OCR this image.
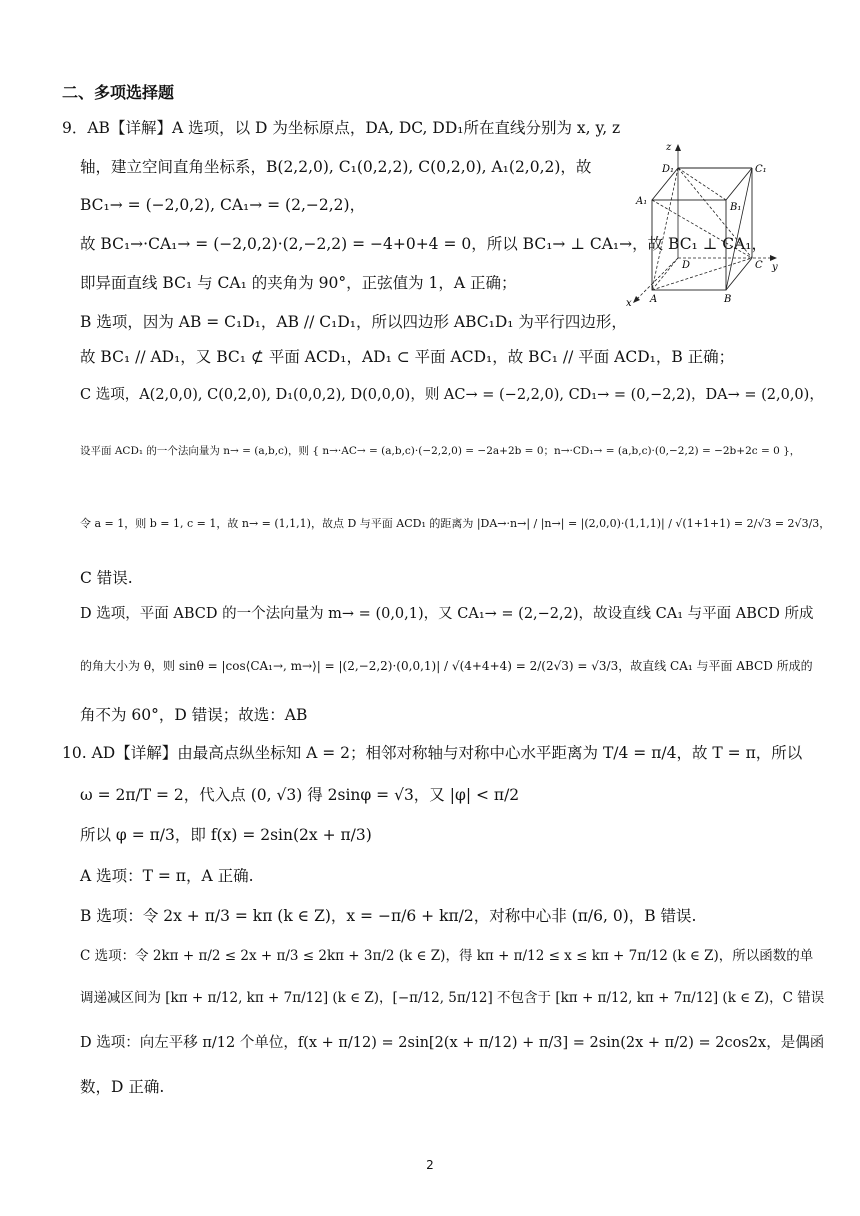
二、多项选择题
9．AB【详解】A 选项，以 D 为坐标原点，DA, DC, DD₁所在直线分别为 x, y, z
轴，建立空间直角坐标系，B(2,2,0), C₁(0,2,2), C(0,2,0), A₁(2,0,2)，故
BC₁→ = (−2,0,2), CA₁→ = (2,−2,2)，
故 BC₁→·CA₁→ = (−2,0,2)·(2,−2,2) = −4+0+4 = 0，所以 BC₁→ ⊥ CA₁→，故 BC₁ ⊥ CA₁，
即异面直线 BC₁ 与 CA₁ 的夹角为 90°，正弦值为 1，A 正确；
B 选项，因为 AB = C₁D₁，AB // C₁D₁，所以四边形 ABC₁D₁ 为平行四边形，
故 BC₁ // AD₁，又 BC₁ ⊄ 平面 ACD₁，AD₁ ⊂ 平面 ACD₁，故 BC₁ // 平面 ACD₁，B 正确；
C 选项，A(2,0,0), C(0,2,0), D₁(0,0,2), D(0,0,0)，则 AC→ = (−2,2,0), CD₁→ = (0,−2,2)，DA→ = (2,0,0)，
设平面 ACD₁ 的一个法向量为 n→ = (a,b,c)，则 { n→·AC→ = (a,b,c)·(−2,2,0) = −2a+2b = 0；n→·CD₁→ = (a,b,c)·(0,−2,2) = −2b+2c = 0 }，
令 a = 1，则 b = 1, c = 1，故 n→ = (1,1,1)，故点 D 与平面 ACD₁ 的距离为 |DA→·n→| / |n→| = |(2,0,0)·(1,1,1)| / √(1+1+1) = 2/√3 = 2√3/3，
C 错误.
D 选项，平面 ABCD 的一个法向量为 m→ = (0,0,1)，又 CA₁→ = (2,−2,2)，故设直线 CA₁ 与平面 ABCD 所成
的角大小为 θ，则 sinθ = |cos⟨CA₁→, m→⟩| = |(2,−2,2)·(0,0,1)| / √(4+4+4) = 2/(2√3) = √3/3，故直线 CA₁ 与平面 ABCD 所成的
角不为 60°，D 错误；故选：AB
10. AD【详解】由最高点纵坐标知 A = 2；相邻对称轴与对称中心水平距离为 T/4 = π/4，故 T = π，所以
ω = 2π/T = 2，代入点 (0, √3) 得 2sinφ = √3，又 |φ| < π/2
所以 φ = π/3，即 f(x) = 2sin(2x + π/3)
A 选项：T = π，A 正确.
B 选项：令 2x + π/3 = kπ (k ∈ Z)，x = −π/6 + kπ/2，对称中心非 (π/6, 0)，B 错误.
C 选项：令 2kπ + π/2 ≤ 2x + π/3 ≤ 2kπ + 3π/2 (k ∈ Z)，得 kπ + π/12 ≤ x ≤ kπ + 7π/12 (k ∈ Z)，所以函数的单
调递减区间为 [kπ + π/12, kπ + 7π/12] (k ∈ Z)，[−π/12, 5π/12] 不包含于 [kπ + π/12, kπ + 7π/12] (k ∈ Z)，C 错误
D 选项：向左平移 π/12 个单位，f(x + π/12) = 2sin[2(x + π/12) + π/3] = 2sin(2x + π/2) = 2cos2x，是偶函
数，D 正确.
z
D₁	C₁
A₁
B₁
D	C y
x A	B
2
